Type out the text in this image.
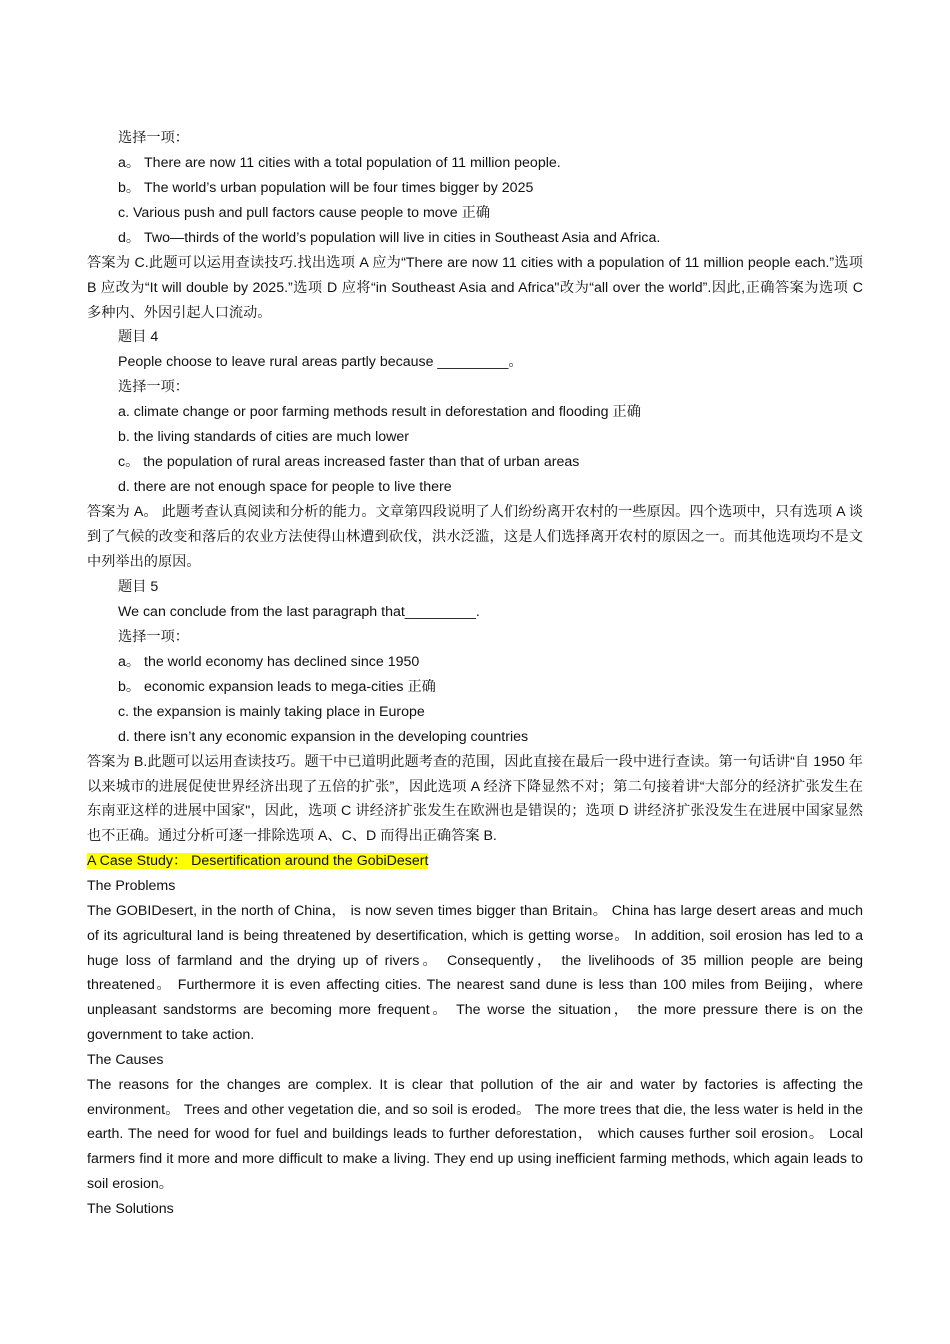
选择一项：
a。 There are now 11 cities with a total population of 11 million people.
b。 The world’s urban population will be four times bigger by 2025
c. Various push and pull factors cause people to move 正确
d。 Two—thirds of the world’s population will live in cities in Southeast Asia and Africa.
答案为 C.此题可以运用查读技巧.找出选项 A 应为“There are now 11 cities with a population of 11 million people each.”选项 B 应改为“It will double by 2025.”选项 D 应将“in Southeast Asia and Africa"改为“all over the world”.因此,正确答案为选项 C 多种内、外因引起人口流动。
题目 4
People choose to leave rural areas partly because _________。
选择一项：
a. climate change or poor farming methods result in deforestation and flooding 正确
b. the living standards of cities are much lower
c。 the population of rural areas increased faster than that of urban areas
d. there are not enough space for people to live there
答案为 A。 此题考查认真阅读和分析的能力。文章第四段说明了人们纷纷离开农村的一些原因。四个选项中，只有选项 A 谈到了气候的改变和落后的农业方法使得山林遭到砍伐，洪水泛滥，这是人们选择离开农村的原因之一。而其他选项均不是文中列举出的原因。
题目 5
We can conclude from the last paragraph that_________.
选择一项：
a。 the world economy has declined since 1950
b。 economic expansion leads to mega-cities 正确
c. the expansion is mainly taking place in Europe
d. there isn’t any economic expansion in the developing countries
答案为 B.此题可以运用查读技巧。题干中已道明此题考查的范围，因此直接在最后一段中进行查读。第一句话讲“自 1950 年以来城市的进展促使世界经济出现了五倍的扩张”，因此选项 A 经济下降显然不对；第二句接着讲“大部分的经济扩张发生在东南亚这样的进展中国家"，因此，选项 C 讲经济扩张发生在欧洲也是错误的；选项 D 讲经济扩张没发生在进展中国家显然也不正确。通过分析可逐一排除选项 A、C、D 而得出正确答案 B.
A Case Study： Desertification around the GobiDesert
The Problems
The GOBIDesert, in the north of China， is now seven times bigger than Britain。 China has large desert areas and much of its agricultural land is being threatened by desertification, which is getting worse。 In addition, soil erosion has led to a huge loss of farmland and the drying up of rivers。 Consequently， the livelihoods of 35 million people are being threatened。 Furthermore it is even affecting cities. The nearest sand dune is less than 100 miles from Beijing，where unpleasant sandstorms are becoming more frequent。 The worse the situation， the more pressure there is on the government to take action.
The Causes
The reasons for the changes are complex. It is clear that pollution of the air and water by factories is affecting the environment。 Trees and other vegetation die, and so soil is eroded。 The more trees that die, the less water is held in the earth. The need for wood for fuel and buildings leads to further deforestation， which causes further soil erosion。 Local farmers find it more and more difficult to make a living. They end up using inefficient farming methods, which again leads to soil erosion。
The Solutions
